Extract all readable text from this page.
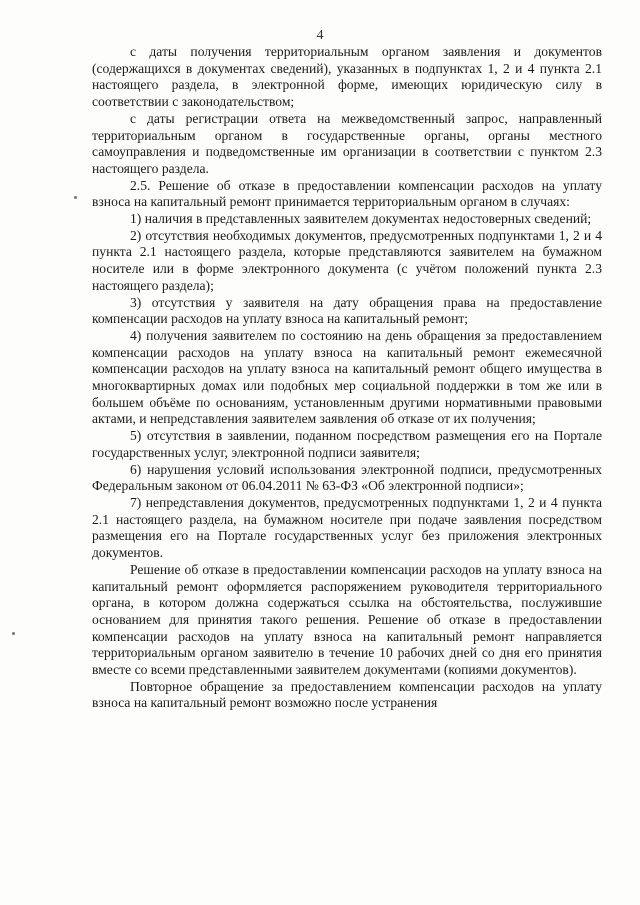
4

с даты получения территориальным органом заявления и документов (содержащихся в документах сведений), указанных в подпунктах 1, 2 и 4 пункта 2.1 настоящего раздела, в электронной форме, имеющих юридическую силу в соответствии с законодательством;

с даты регистрации ответа на межведомственный запрос, направленный территориальным органом в государственные органы, органы местного самоуправления и подведомственные им организации в соответствии с пунктом 2.3 настоящего раздела.

2.5. Решение об отказе в предоставлении компенсации расходов на уплату взноса на капитальный ремонт принимается территориальным органом в случаях:

1) наличия в представленных заявителем документах недостоверных сведений;

2) отсутствия необходимых документов, предусмотренных подпунктами 1, 2 и 4 пункта 2.1 настоящего раздела, которые представляются заявителем на бумажном носителе или в форме электронного документа (с учётом положений пункта 2.3 настоящего раздела);

3) отсутствия у заявителя на дату обращения права на предоставление компенсации расходов на уплату взноса на капитальный ремонт;

4) получения заявителем по состоянию на день обращения за предоставлением компенсации расходов на уплату взноса на капитальный ремонт ежемесячной компенсации расходов на уплату взноса на капитальный ремонт общего имущества в многоквартирных домах или подобных мер социальной поддержки в том же или в большем объёме по основаниям, установленным другими нормативными правовыми актами, и непредставления заявителем заявления об отказе от их получения;

5) отсутствия в заявлении, поданном посредством размещения его на Портале государственных услуг, электронной подписи заявителя;

6) нарушения условий использования электронной подписи, предусмотренных Федеральным законом от 06.04.2011 № 63-ФЗ «Об электронной подписи»;

7) непредставления документов, предусмотренных подпунктами 1, 2 и 4 пункта 2.1 настоящего раздела, на бумажном носителе при подаче заявления посредством размещения его на Портале государственных услуг без приложения электронных документов.

Решение об отказе в предоставлении компенсации расходов на уплату взноса на капитальный ремонт оформляется распоряжением руководителя территориального органа, в котором должна содержаться ссылка на обстоятельства, послужившие основанием для принятия такого решения. Решение об отказе в предоставлении компенсации расходов на уплату взноса на капитальный ремонт направляется территориальным органом заявителю в течение 10 рабочих дней со дня его принятия вместе со всеми представленными заявителем документами (копиями документов).

Повторное обращение за предоставлением компенсации расходов на уплату взноса на капитальный ремонт возможно после устранения
